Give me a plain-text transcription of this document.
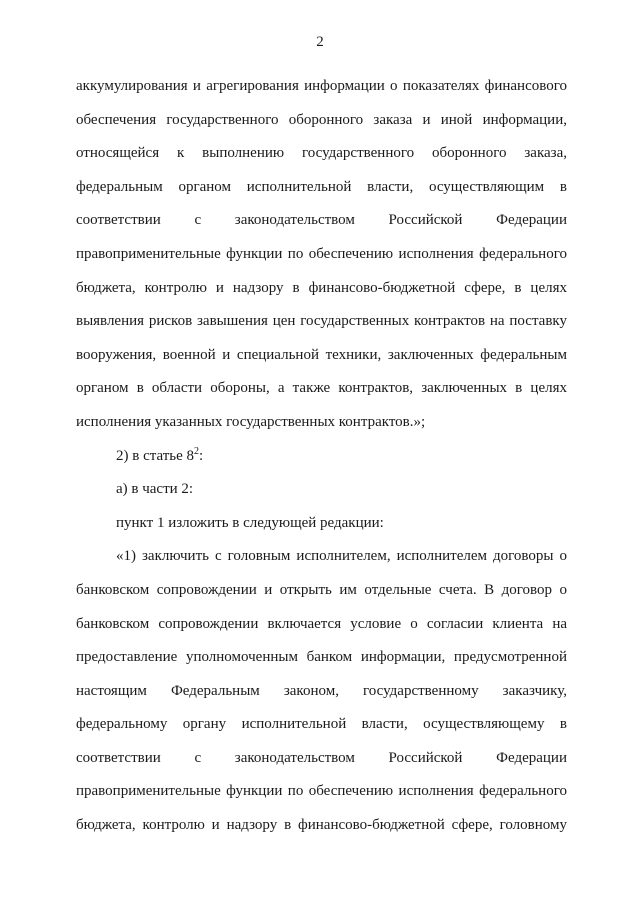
2
аккумулирования и агрегирования информации о показателях финансового
обеспечения государственного оборонного заказа и иной информации,
относящейся к выполнению государственного оборонного заказа,
федеральным органом исполнительной власти, осуществляющим в
соответствии с законодательством Российской Федерации
правоприменительные функции по обеспечению исполнения федерального
бюджета, контролю и надзору в финансово-бюджетной сфере, в целях
выявления рисков завышения цен государственных контрактов на поставку
вооружения, военной и специальной техники, заключенных федеральным
органом в области обороны, а также контрактов, заключенных в целях
исполнения указанных государственных контрактов.»;
2) в статье $8^2$:
а) в части 2:
пункт 1 изложить в следующей редакции:
«1) заключить с головным исполнителем, исполнителем договоры о
банковском сопровождении и открыть им отдельные счета. В договор о
банковском сопровождении включается условие о согласии клиента на
предоставление уполномоченным банком информации, предусмотренной
настоящим Федеральным законом, государственному заказчику,
федеральному органу исполнительной власти, осуществляющему в
соответствии с законодательством Российской Федерации
правоприменительные функции по обеспечению исполнения федерального
бюджета, контролю и надзору в финансово-бюджетной сфере, головному
